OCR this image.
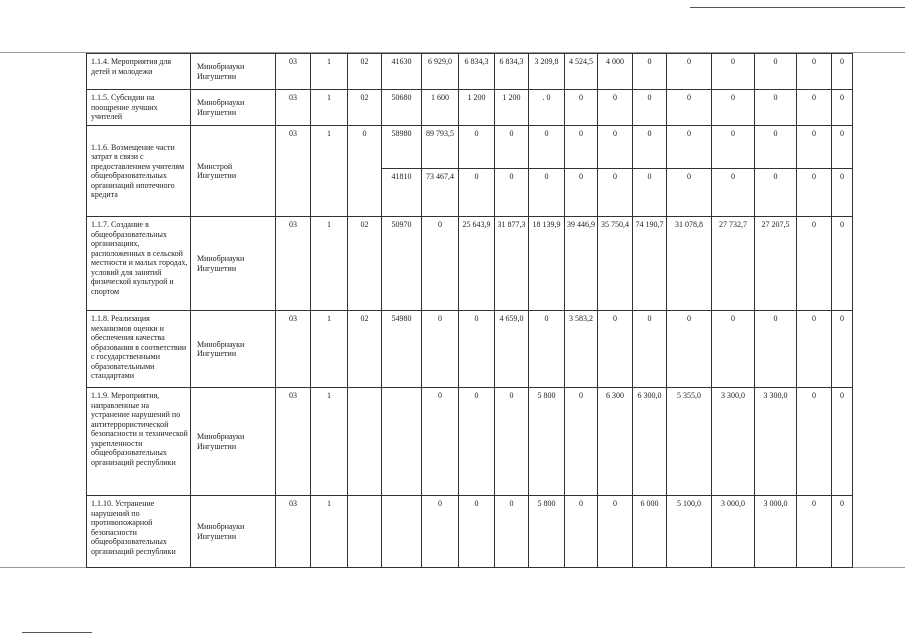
1.1.4. Мероприятия для детей и молодежи	Минобрнауки Ингушетии	03	1	02	41630	6 929,0	6 834,3	6 834,3	3 209,8	4 524,5	4 000	0	0	0	0	0	0
1.1.5. Субсидии на поощрение лучших учителей	Минобрнауки Ингушетии	03	1	02	50680	1 600	1 200	1 200	. 0	0	0	0	0	0	0	0	0
1.1.6. Возмещение части затрат в связи с предоставлением учителям общеобразовательных организаций ипотечного кредита	Минстрой Ингушетии	03	1	0	58980	89 793,5	0	0	0	0	0	0	0	0	0	0	0
					41810	73 467,4	0	0	0	0	0	0	0	0	0	0	0
1.1.7. Создание в общеобразовательных организациях, расположенных в сельской местности и малых городах, условий для занятий физической культурой и спортом	Минобрнауки Ингушетии	03	1	02	50970	0	25 643,9	31 877,3	18 139,9	39 446,9	35 750,4	74 190,7	31 078,8	27 732,7	27 207,5	0	0
1.1.8. Реализация механизмов оценки и обеспечения качества образования в соответствии с государственными образовательными стандартами	Минобрнауки Ингушетии	03	1	02	54980	0	0	4 659,0	0	3 583,2	0	0	0	0	0	0	0
1.1.9. Мероприятия, направленные на устранение нарушений по антитеррористической безопасности и технической укрепленности общеобразовательных организаций республики	Минобрнауки Ингушетии	03	1			0	0	0	5 800	0	6 300	6 300,0	5 355,0	3 300,0	3 300,0	0	0
1.1.10. Устранение нарушений по противопожарной безопасности общеобразовательных организаций республики	Минобрнауки Ингушетии	03	1			0	0	0	5 800	0	0	6 000	5 100,0	3 000,0	3 000,0	0	0
